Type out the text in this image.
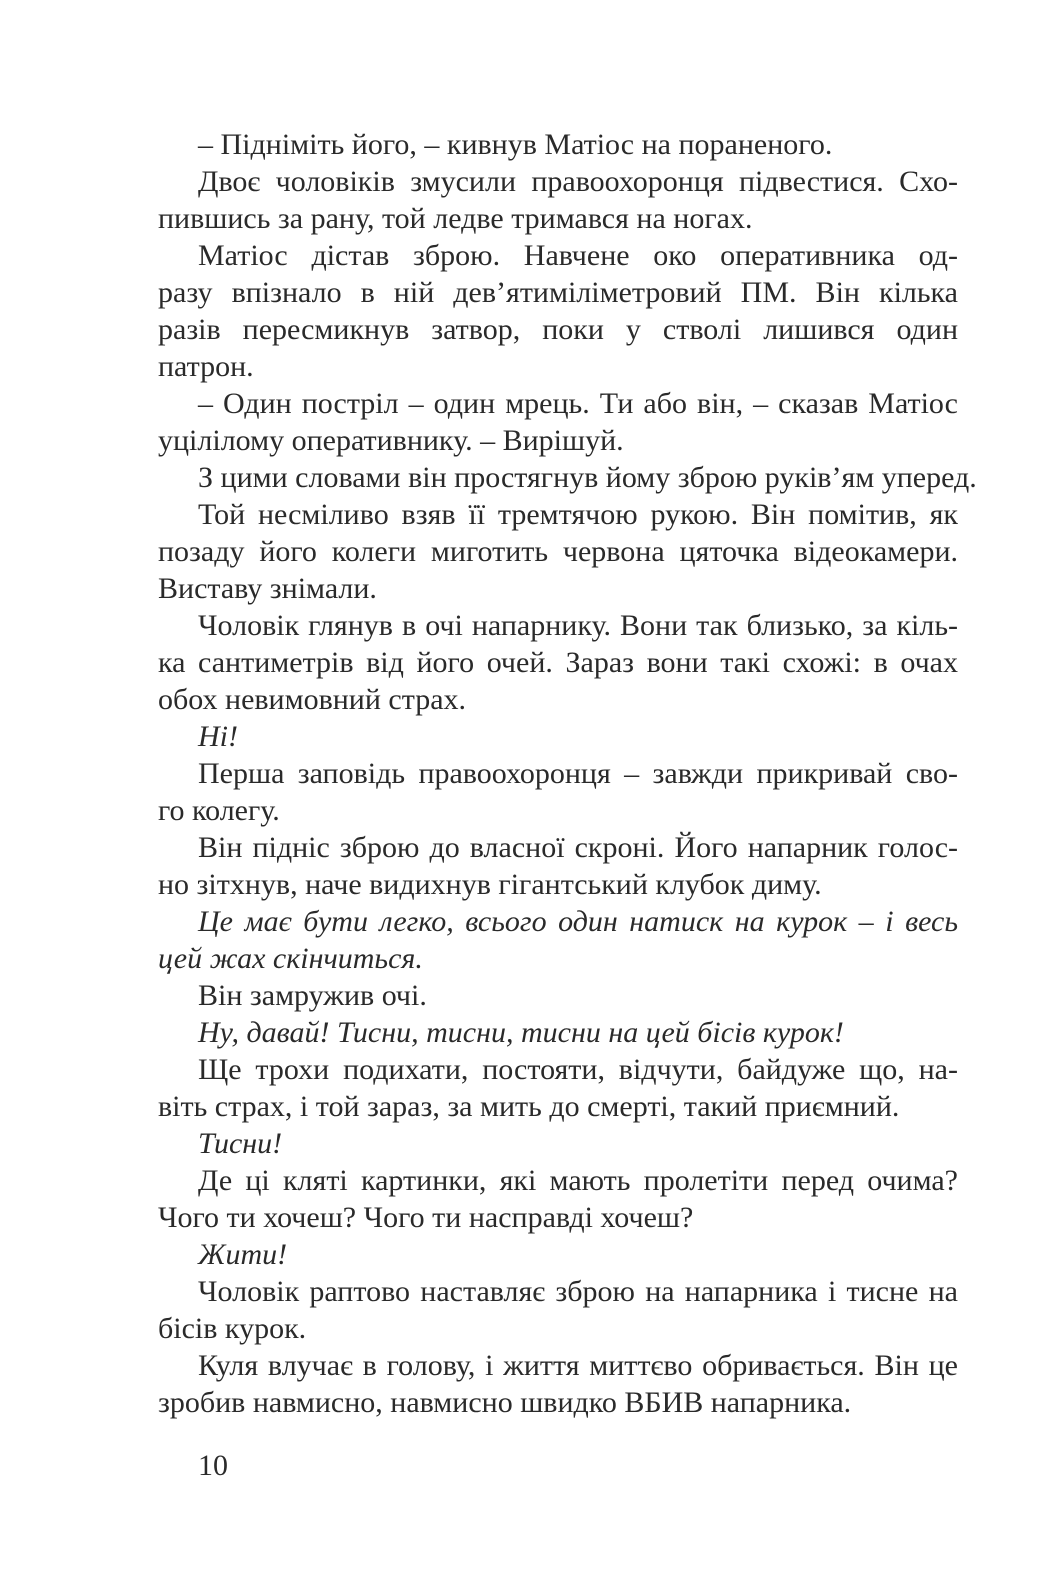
– Підніміть його, – кивнув Матіос на пораненого.
Двоє чоловіків змусили правоохоронця підвестися. Схо-
пившись за рану, той ледве тримався на ногах.
Матіос дістав зброю. Навчене око оперативника од-
разу впізнало в ній дев’ятиміліметровий ПМ. Він кілька
разів пересмикнув затвор, поки у стволі лишився один
патрон.
– Один постріл – один мрець. Ти або він, – сказав Матіос
уцілілому оперативнику. – Вирішуй.
З цими словами він простягнув йому зброю руків’ям уперед.
Той несміливо взяв її тремтячою рукою. Він помітив, як
позаду його колеги миготить червона цяточка відеокамери.
Виставу знімали.
Чоловік глянув в очі напарнику. Вони так близько, за кіль-
ка сантиметрів від його очей. Зараз вони такі схожі: в очах
обох невимовний страх.
Ні!
Перша заповідь правоохоронця – завжди прикривай сво-
го колегу.
Він підніс зброю до власної скроні. Його напарник голос-
но зітхнув, наче видихнув гігантський клубок диму.
Це має бути легко, всього один натиск на курок – і весь
цей жах скінчиться.
Він замружив очі.
Ну, давай! Тисни, тисни, тисни на цей бісів курок!
Ще трохи подихати, постояти, відчути, байдуже що, на-
віть страх, і той зараз, за мить до смерті, такий приємний.
Тисни!
Де ці кляті картинки, які мають пролетіти перед очима?
Чого ти хочеш? Чого ти насправді хочеш?
Жити!
Чоловік раптово наставляє зброю на напарника і тисне на
бісів курок.
Куля влучає в голову, і життя миттєво обривається. Він це
зробив навмисно, навмисно швидко ВБИВ напарника.
10
